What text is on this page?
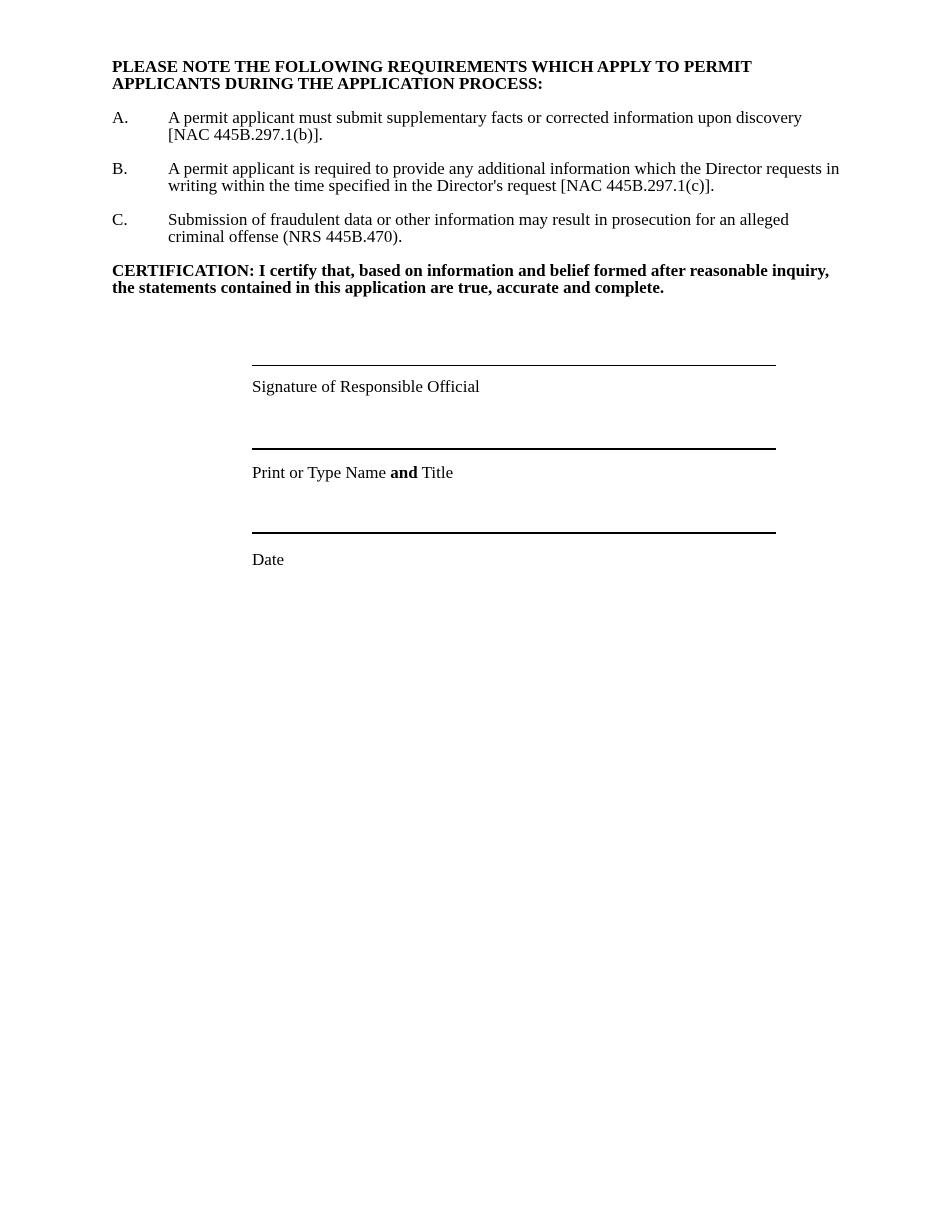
PLEASE NOTE THE FOLLOWING REQUIREMENTS WHICH APPLY TO PERMIT APPLICANTS DURING THE APPLICATION PROCESS:

A.	A permit applicant must submit supplementary facts or corrected information upon discovery [NAC 445B.297.1(b)].
B.	A permit applicant is required to provide any additional information which the Director requests in writing within the time specified in the Director's request [NAC 445B.297.1(c)].
C.	Submission of fraudulent data or other information may result in prosecution for an alleged criminal offense (NRS 445B.470).

CERTIFICATION: I certify that, based on information and belief formed after reasonable inquiry, the statements contained in this application are true, accurate and complete.

Signature of Responsible Official
Print or Type Name and Title
Date
